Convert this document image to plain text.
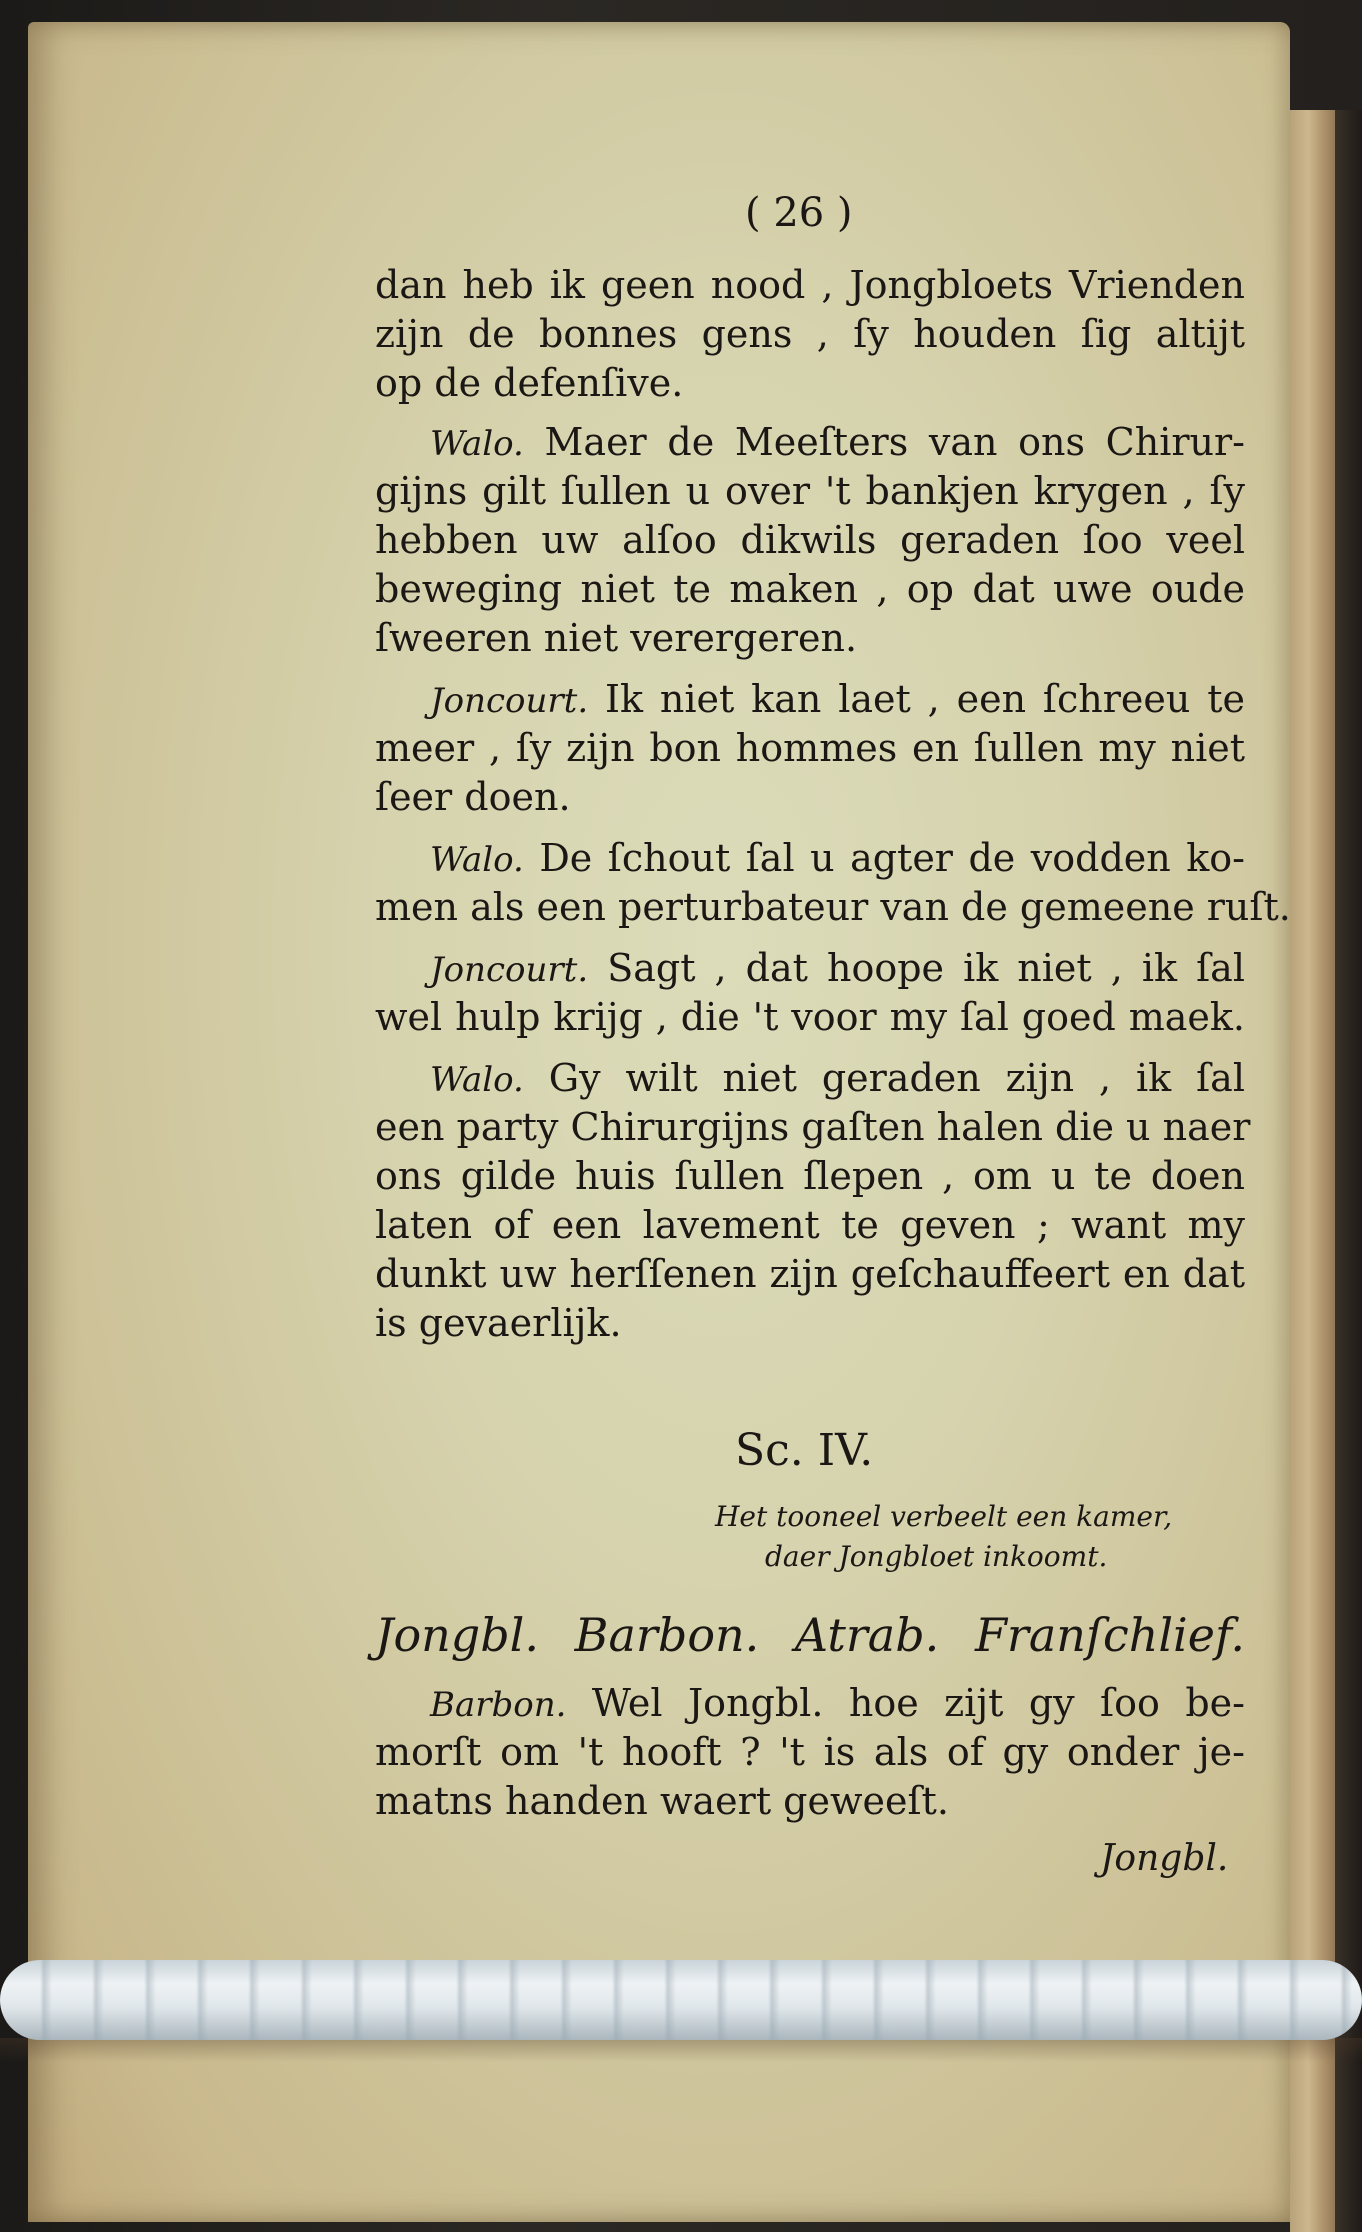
( 26 )
dan heb ik geen nood , Jongbloets Vrienden
zijn de bonnes gens , ſy houden ſig altijt
op de defenſive.
Walo. Maer de Meeſters van ons Chirur-
gijns gilt ſullen u over 't bankjen krygen , ſy
hebben uw alſoo dikwils geraden ſoo veel
beweging niet te maken , op dat uwe oude
ſweeren niet verergeren.
Joncourt. Ik niet kan laet , een ſchreeu te
meer , ſy zijn bon hommes en ſullen my niet
ſeer doen.
Walo. De ſchout ſal u agter de vodden ko-
men als een perturbateur van de gemeene ruſt.
Joncourt. Sagt , dat hoope ik niet , ik ſal
wel hulp krijg , die 't voor my ſal goed maek.
Walo. Gy wilt niet geraden zijn , ik ſal
een party Chirurgijns gaſten halen die u naer
ons gilde huis ſullen ſlepen , om u te doen
laten of een lavement te geven ; want my
dunkt uw herſſenen zijn geſchauffeert en dat
is gevaerlijk.
Sc. IV.
Het tooneel verbeelt een kamer,
daer Jongbloet inkoomt.
Jongbl. Barbon. Atrab. Franſchlief.
Barbon. Wel Jongbl. hoe zijt gy ſoo be-
morſt om 't hooft ? 't is als of gy onder je-
matns handen waert geweeſt.
Jongbl.
